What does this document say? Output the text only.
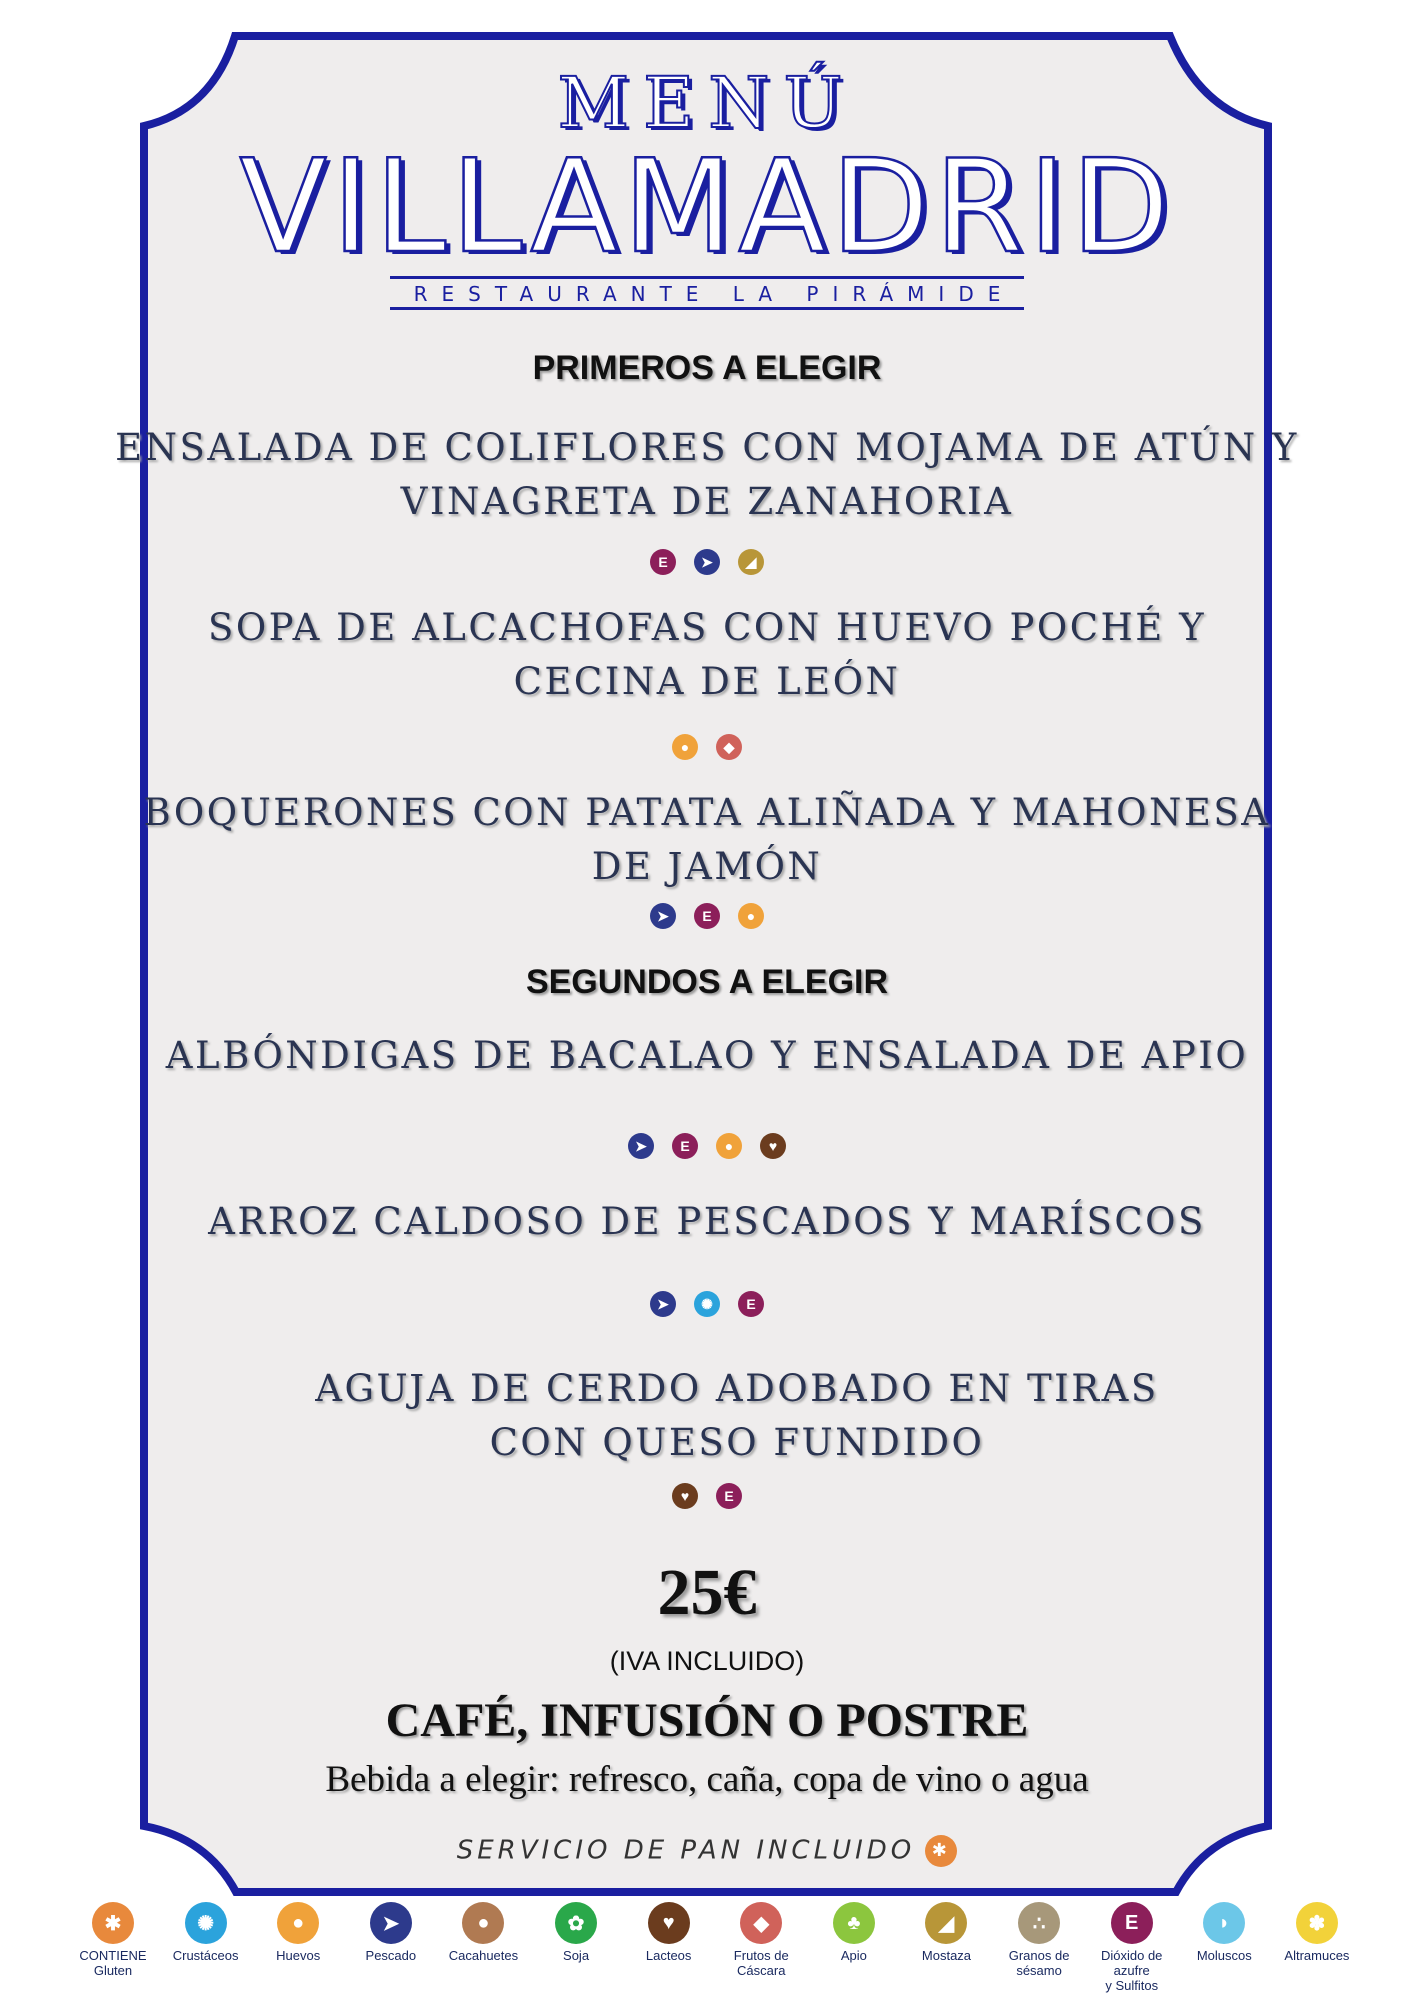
MENÚ
VILLAMADRID
RESTAURANTE LA PIRÁMIDE
PRIMEROS A ELEGIR
ENSALADA DE COLIFLORES CON MOJAMA DE ATÚN Y
VINAGRETA DE ZANAHORIA
E	➤	◢
SOPA DE ALCACHOFAS CON HUEVO POCHÉ Y
CECINA DE LEÓN
●	◆
BOQUERONES CON PATATA ALIÑADA Y MAHONESA
DE JAMÓN
➤	E	●
SEGUNDOS A ELEGIR
ALBÓNDIGAS DE BACALAO Y ENSALADA DE APIO
➤	E	●	♥
ARROZ CALDOSO DE PESCADOS Y MARÍSCOS
➤	✺	E
AGUJA DE CERDO ADOBADO EN TIRAS
CON QUESO FUNDIDO
♥	E
25€
(IVA INCLUIDO)
CAFÉ, INFUSIÓN O POSTRE
Bebida a elegir: refresco, caña, copa de vino o agua
SERVICIO DE PAN INCLUIDO ✱
✱
CONTIENE
Gluten
✺
Crustáceos
●
Huevos
➤
Pescado
●
Cacahuetes
✿
Soja
♥
Lacteos
◆
Frutos de
Cáscara
♣
Apio
◢
Mostaza
∴
Granos de
sésamo
E
Dióxido de azufre
y Sulfitos
◗
Moluscos
✽
Altramuces
